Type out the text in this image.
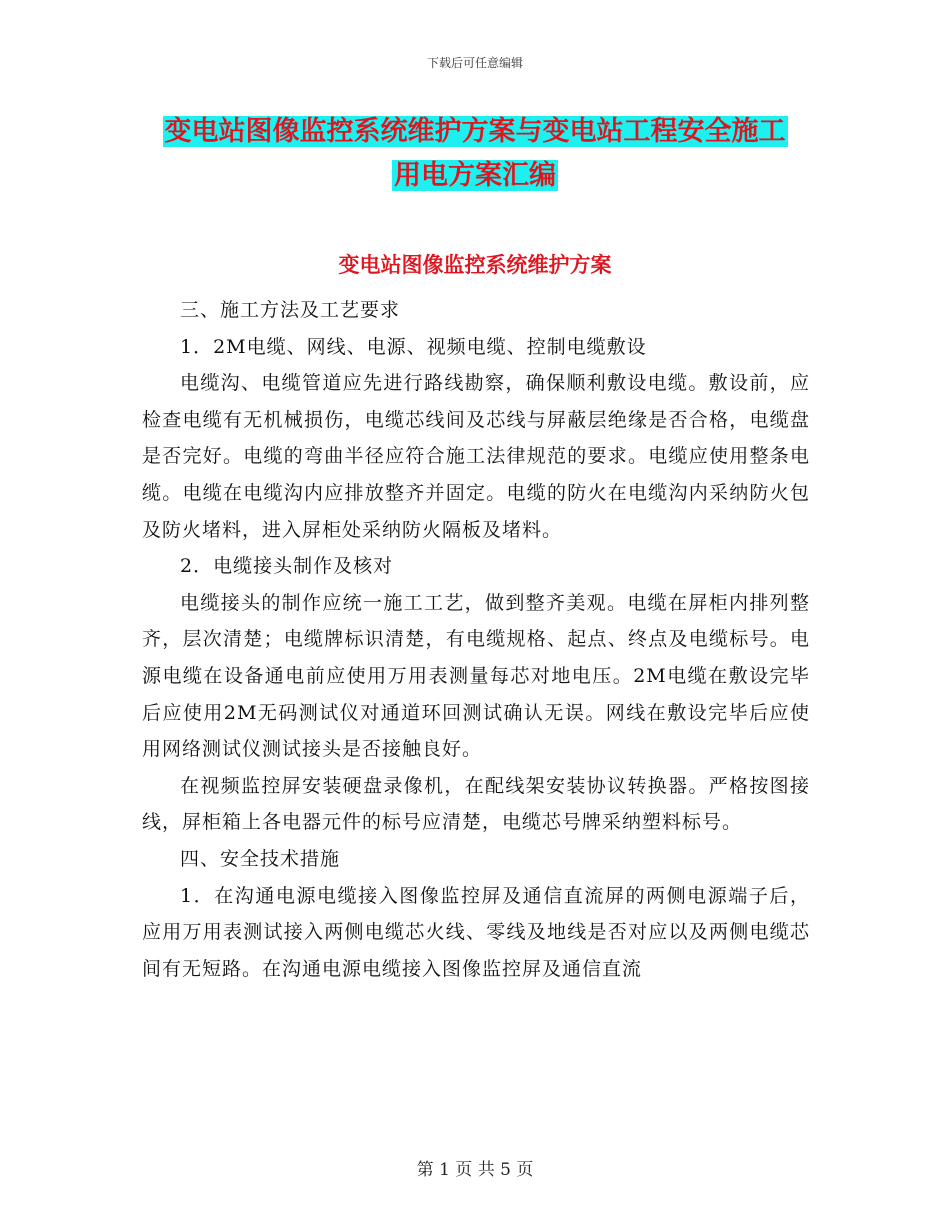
下载后可任意编辑
变电站图像监控系统维护方案与变电站工程安全施工
用电方案汇编
变电站图像监控系统维护方案

三、施工方法及工艺要求

1．2M电缆、网线、电源、视频电缆、控制电缆敷设

电缆沟、电缆管道应先进行路线勘察，确保顺利敷设电缆。敷设前，应检查电缆有无机械损伤，电缆芯线间及芯线与屏蔽层绝缘是否合格，电缆盘是否完好。电缆的弯曲半径应符合施工法律规范的要求。电缆应使用整条电缆。电缆在电缆沟内应排放整齐并固定。电缆的防火在电缆沟内采纳防火包及防火堵料，进入屏柜处采纳防火隔板及堵料。

2．电缆接头制作及核对

电缆接头的制作应统一施工工艺，做到整齐美观。电缆在屏柜内排列整齐，层次清楚；电缆牌标识清楚，有电缆规格、起点、终点及电缆标号。电源电缆在设备通电前应使用万用表测量每芯对地电压。2M电缆在敷设完毕后应使用2M无码测试仪对通道环回测试确认无误。网线在敷设完毕后应使用网络测试仪测试接头是否接触良好。

在视频监控屏安装硬盘录像机，在配线架安装协议转换器。严格按图接线，屏柜箱上各电器元件的标号应清楚，电缆芯号牌采纳塑料标号。

四、安全技术措施

1．在沟通电源电缆接入图像监控屏及通信直流屏的两侧电源端子后，应用万用表测试接入两侧电缆芯火线、零线及地线是否对应以及两侧电缆芯间有无短路。在沟通电源电缆接入图像监控屏及通信直流

第 1 页 共 5 页
